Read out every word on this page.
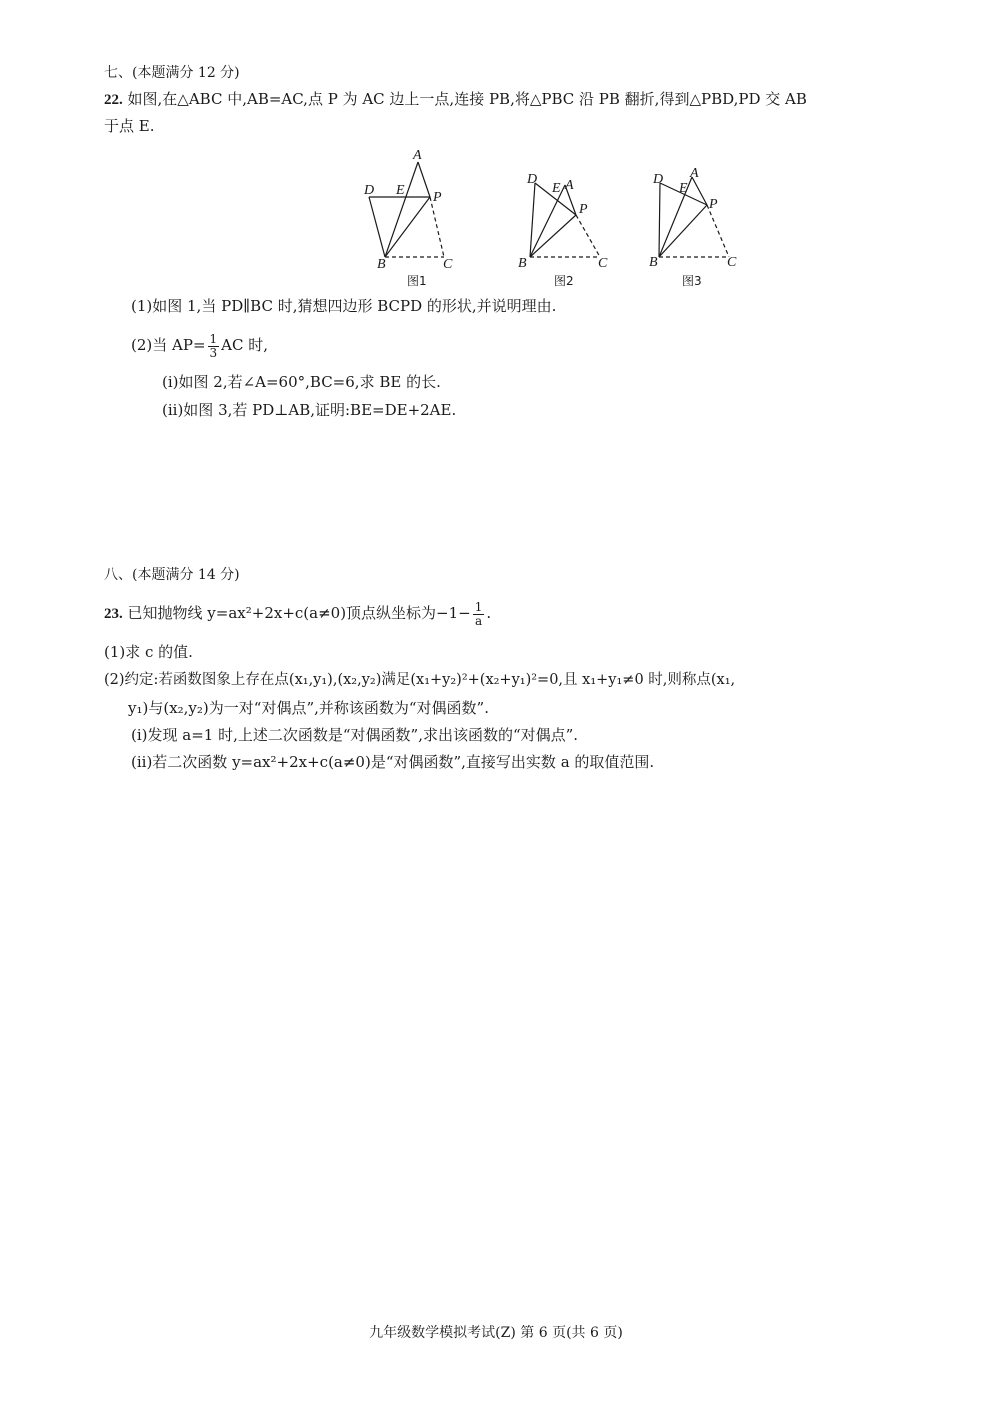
七、(本题满分 12 分)
22. 如图,在△ABC 中,AB=AC,点 P 为 AC 边上一点,连接 PB,将△PBC 沿 PB 翻折,得到△PBD,PD 交 AB
于点 E.
A
D E P
B	C
图1
A
D
E
P
B	C
图2
A
D
E
P
B	C
图3
(1)如图 1,当 PD∥BC 时,猜想四边形 BCPD 的形状,并说明理由.
(2)当 $AP= \frac{1}{3}$ AC 时,
(i)如图 2,若∠A=60°,BC=6,求 BE 的长.
(ii)如图 3,若 PD⊥AB,证明:BE=DE+2AE.
八、(本题满分 14 分)
23. 已知抛物线 y=ax²+2x+c(a≠0)顶点纵坐标为$-1- \frac{1}{a}$ .
(1)求 c 的值.
(2)约定:若函数图象上存在点(x₁,y₁),(x₂,y₂)满足(x₁+y₂)²+(x₂+y₁)²=0,且 x₁+y₁≠0 时,则称点(x₁,
y₁)与(x₂,y₂)为一对“对偶点”,并称该函数为“对偶函数”.
(i)发现 a=1 时,上述二次函数是“对偶函数”,求出该函数的“对偶点”.
(ii)若二次函数 y=ax²+2x+c(a≠0)是“对偶函数”,直接写出实数 a 的取值范围.
九年级数学模拟考试(Z) 第 6 页(共 6 页)
